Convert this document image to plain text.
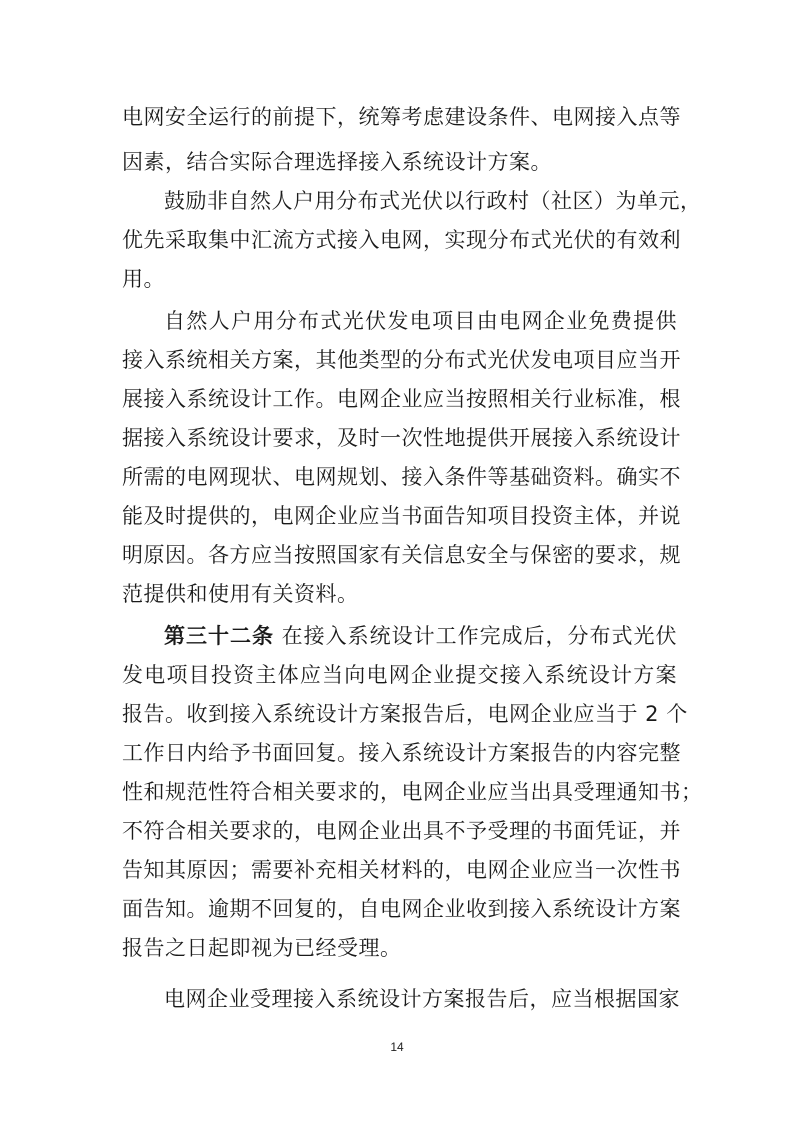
电网安全运行的前提下，统筹考虑建设条件、电网接入点等
因素，结合实际合理选择接入系统设计方案。
鼓励非自然人户用分布式光伏以行政村（社区）为单元，
优先采取集中汇流方式接入电网，实现分布式光伏的有效利
用。
自然人户用分布式光伏发电项目由电网企业免费提供
接入系统相关方案，其他类型的分布式光伏发电项目应当开
展接入系统设计工作。电网企业应当按照相关行业标准，根
据接入系统设计要求，及时一次性地提供开展接入系统设计
所需的电网现状、电网规划、接入条件等基础资料。确实不
能及时提供的，电网企业应当书面告知项目投资主体，并说
明原因。各方应当按照国家有关信息安全与保密的要求，规
范提供和使用有关资料。
第三十二条 在接入系统设计工作完成后，分布式光伏
发电项目投资主体应当向电网企业提交接入系统设计方案
报告。收到接入系统设计方案报告后，电网企业应当于 2 个
工作日内给予书面回复。接入系统设计方案报告的内容完整
性和规范性符合相关要求的，电网企业应当出具受理通知书；
不符合相关要求的，电网企业出具不予受理的书面凭证，并
告知其原因；需要补充相关材料的，电网企业应当一次性书
面告知。逾期不回复的，自电网企业收到接入系统设计方案
报告之日起即视为已经受理。
电网企业受理接入系统设计方案报告后，应当根据国家
14
